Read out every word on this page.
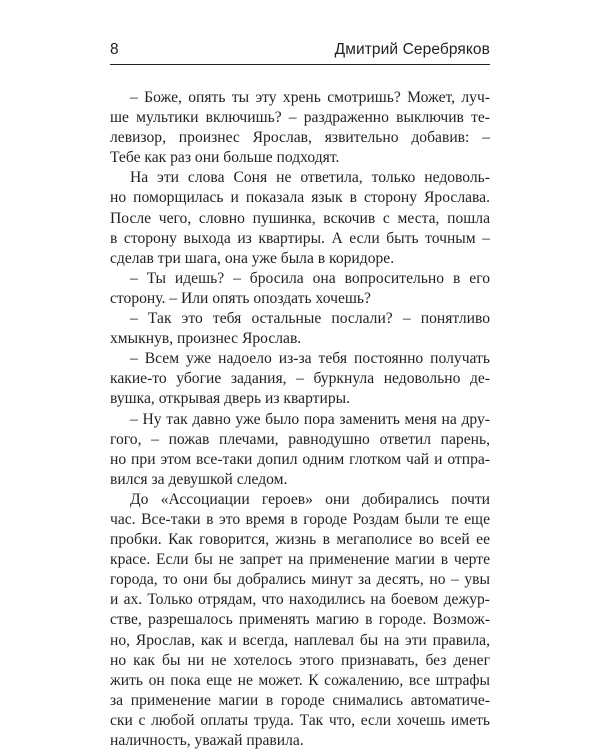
8	Дмитрий Серебряков
– Боже, опять ты эту хрень смотришь? Может, луч-
ше мультики включишь? – раздраженно выключив те-
левизор, произнес Ярослав, язвительно добавив: –
Тебе как раз они больше подходят.
На эти слова Соня не ответила, только недоволь-
но поморщилась и показала язык в сторону Ярослава.
После чего, словно пушинка, вскочив с места, пошла
в сторону выхода из квартиры. А если быть точным –
сделав три шага, она уже была в коридоре.
– Ты идешь? – бросила она вопросительно в его
сторону. – Или опять опоздать хочешь?
– Так это тебя остальные послали? – понятливо
хмыкнув, произнес Ярослав.
– Всем уже надоело из-за тебя постоянно получать
какие-то убогие задания, – буркнула недовольно де-
вушка, открывая дверь из квартиры.
– Ну так давно уже было пора заменить меня на дру-
гого, – пожав плечами, равнодушно ответил парень,
но при этом все-таки допил одним глотком чай и отпра-
вился за девушкой следом.
До «Ассоциации героев» они добирались почти
час. Все-таки в это время в городе Роздам были те еще
пробки. Как говорится, жизнь в мегаполисе во всей ее
красе. Если бы не запрет на применение магии в черте
города, то они бы добрались минут за десять, но – увы
и ах. Только отрядам, что находились на боевом дежур-
стве, разрешалось применять магию в городе. Возмож-
но, Ярослав, как и всегда, наплевал бы на эти правила,
но как бы ни не хотелось этого признавать, без денег
жить он пока еще не может. К сожалению, все штрафы
за применение магии в городе снимались автоматиче-
ски с любой оплаты труда. Так что, если хочешь иметь
наличность, уважай правила.
